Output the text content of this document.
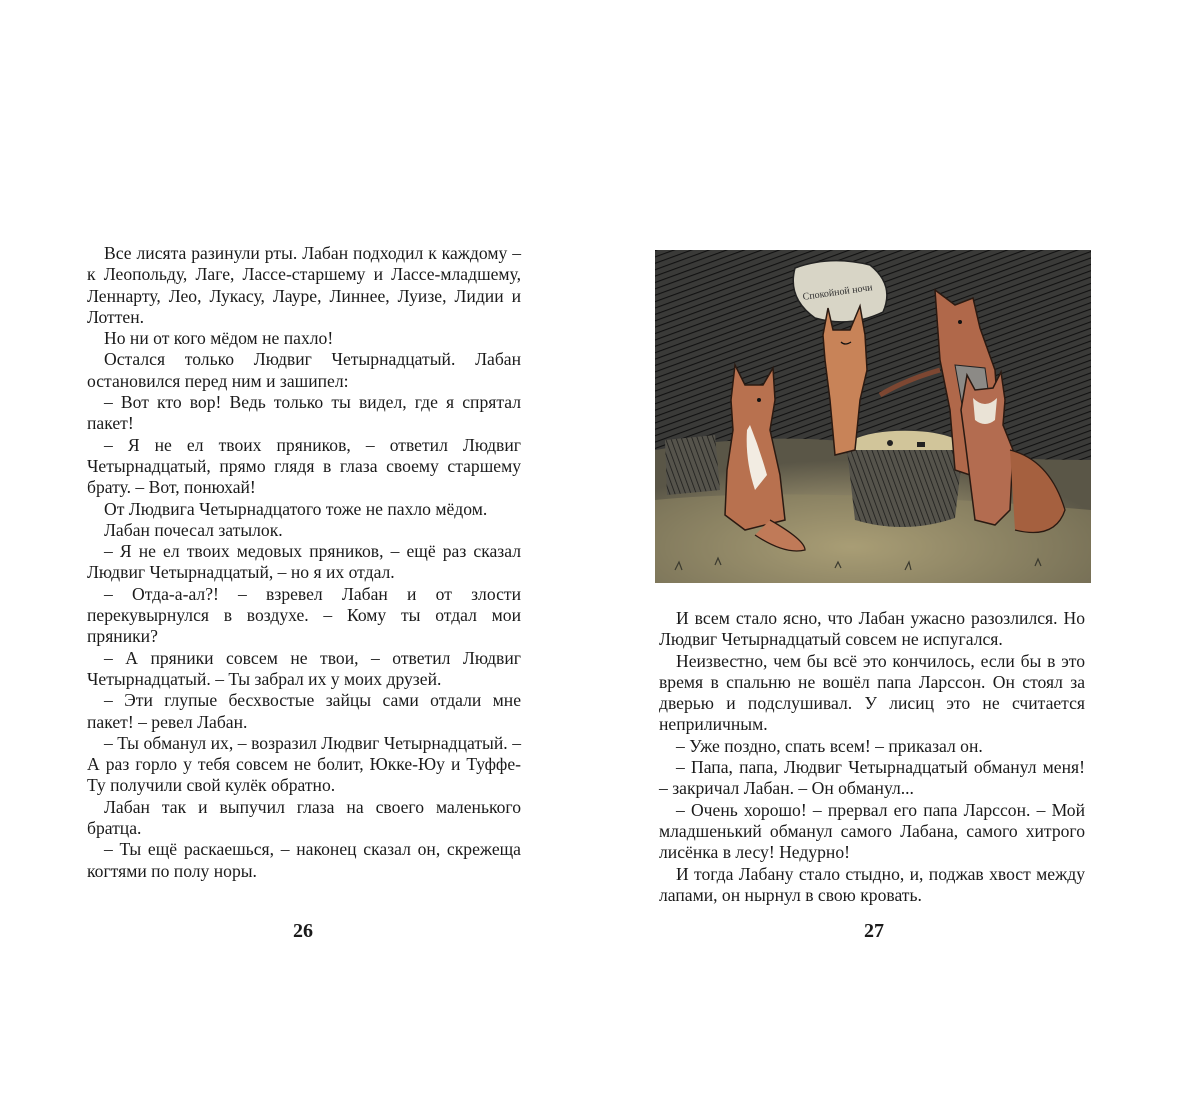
Все лисята разинули рты. Лабан подходил к каждому – к Леопольду, Лаге, Лассе-старшему и Лассе-младшему, Леннарту, Лео, Лукасу, Лауре, Линнее, Луизе, Лидии и Лоттен.

Но ни от кого мёдом не пахло!

Остался только Людвиг Четырнадцатый. Лабан остановился перед ним и зашипел:

– Вот кто вор! Ведь только ты видел, где я спрятал пакет!

– Я не ел твоих пряников, – ответил Людвиг Четырнадцатый, прямо глядя в глаза своему старшему брату. – Вот, понюхай!

От Людвига Четырнадцатого тоже не пахло мёдом.

Лабан почесал затылок.

– Я не ел твоих медовых пряников, – ещё раз сказал Людвиг Четырнадцатый, – но я их отдал.

– Отда-а-ал?! – взревел Лабан и от злости перекувырнулся в воздухе. – Кому ты отдал мои пряники?

– А пряники совсем не твои, – ответил Людвиг Четырнадцатый. – Ты забрал их у моих друзей.

– Эти глупые бесхвостые зайцы сами отдали мне пакет! – ревел Лабан.

– Ты обманул их, – возразил Людвиг Четырнадцатый. – А раз горло у тебя совсем не болит, Юкке-Юу и Туффе-Ту получили свой кулёк обратно.

Лабан так и выпучил глаза на своего маленького братца.

– Ты ещё раскаешься, – наконец сказал он, скрежеща когтями по полу норы.

26
Спокойной ночи

И всем стало ясно, что Лабан ужасно разозлился. Но Людвиг Четырнадцатый совсем не испугался.

Неизвестно, чем бы всё это кончилось, если бы в это время в спальню не вошёл папа Ларссон. Он стоял за дверью и подслушивал. У лисиц это не считается неприличным.

– Уже поздно, спать всем! – приказал он.

– Папа, папа, Людвиг Четырнадцатый обманул меня! – закричал Лабан. – Он обманул...

– Очень хорошо! – прервал его папа Ларссон. – Мой младшенький обманул самого Лабана, самого хитрого лисёнка в лесу! Недурно!

И тогда Лабану стало стыдно, и, поджав хвост между лапами, он нырнул в свою кровать.

27
